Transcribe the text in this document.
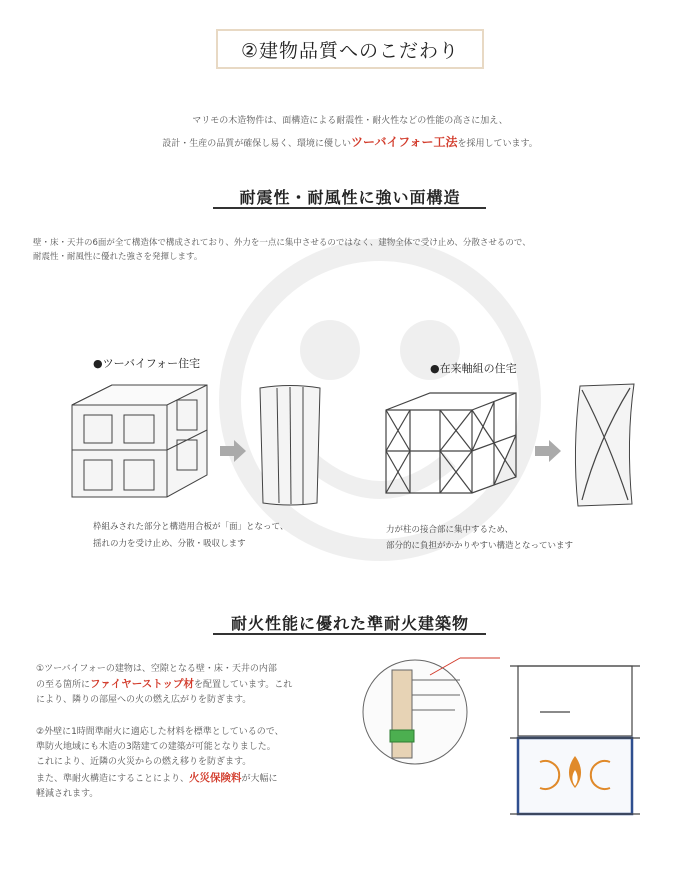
②建物品質へのこだわり
マリモの木造物件は、面構造による耐震性・耐火性などの性能の高さに加え、
設計・生産の品質が確保し易く、環境に優しいツーバイフォー工法を採用しています。
耐震性・耐風性に強い面構造
壁・床・天井の6面が全て構造体で構成されており、外力を一点に集中させるのではなく、建物全体で受け止め、分散させるので、
耐震性・耐風性に優れた強さを発揮します。
●ツーバイフォー住宅
枠組みされた部分と構造用合板が「面」となって、
揺れの力を受け止め、分散・吸収します
●在来軸組の住宅
力が柱の接合部に集中するため、
部分的に負担がかかりやすい構造となっています
耐火性能に優れた準耐火建築物
①ツーバイフォーの建物は、空隙となる壁・床・天井の内部
の至る箇所にファイヤーストップ材を配置しています。これ
により、隣りの部屋への火の燃え広がりを防ぎます。
②外壁に1時間準耐火に適応した材料を標準としているので、
準防火地域にも木造の3階建ての建築が可能となりました。
これにより、近隣の火災からの燃え移りを防ぎます。
また、準耐火構造にすることにより、火災保険料が大幅に
軽減されます。
